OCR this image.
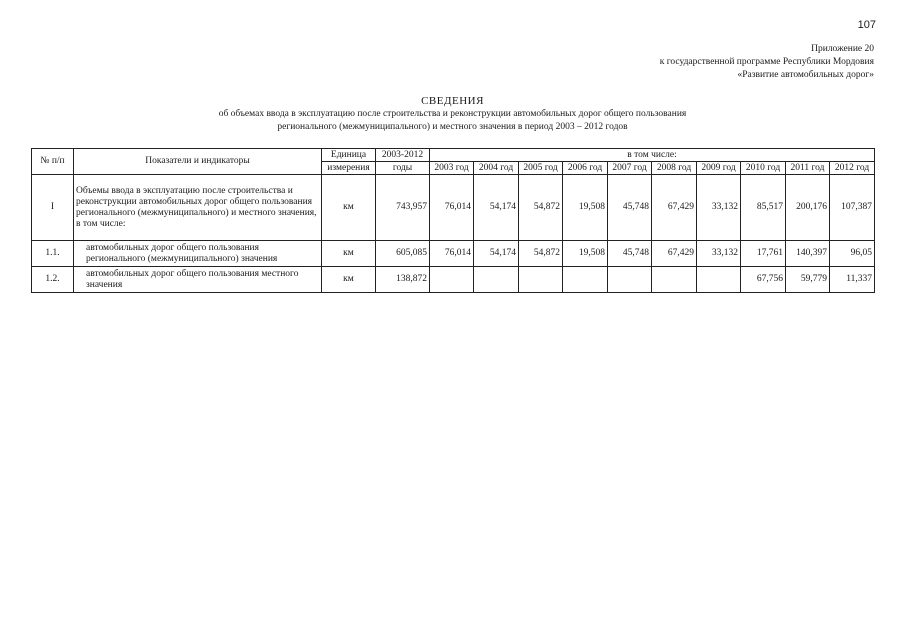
107
Приложение 20
к государственной программе Республики Мордовия
«Развитие автомобильных дорог»
СВЕДЕНИЯ
об объемах ввода в эксплуатацию после строительства и реконструкции автомобильных дорог общего пользования
регионального (межмуниципального) и местного значения в период 2003 – 2012 годов
№ п/п	Показатели и индикаторы	Единица	2003-2012	в том числе:									
		измерения	годы	2003 год	2004 год	2005 год	2006 год	2007 год	2008 год	2009 год	2010 год	2011 год	2012 год
I	Объемы ввода в эксплуатацию после строительства и реконструкции автомобильных дорог общего пользования регионального (межмуниципального) и местного значения, в том числе:	км	743,957	76,014	54,174	54,872	19,508	45,748	67,429	33,132	85,517	200,176	107,387
1.1.	автомобильных дорог общего пользования регионального (межмуниципального) значения	км	605,085	76,014	54,174	54,872	19,508	45,748	67,429	33,132	17,761	140,397	96,05
1.2.	автомобильных дорог общего пользования местного значения	км	138,872								67,756	59,779	11,337
